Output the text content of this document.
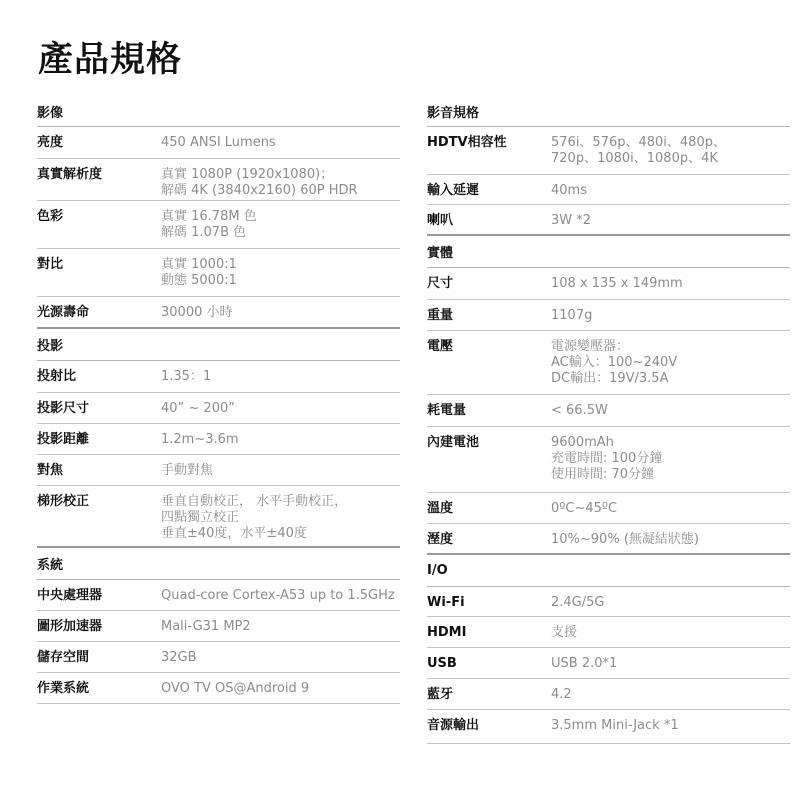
產品規格
影像
亮度	450 ANSI Lumens
真實解析度	真實 1080P (1920x1080)；
解碼 4K (3840x2160) 60P HDR
色彩	真實 16.78M 色
解碼 1.07B 色
對比	真實 1000:1
動態 5000:1
光源壽命	30000 小時
投影
投射比	1.35：1
投影尺寸	40” ~ 200”
投影距離	1.2m~3.6m
對焦	手動對焦
梯形校正	垂直自動校正， 水平手動校正，
四點獨立校正
垂直±40度，水平±40度
系統
中央處理器	Quad-core Cortex-A53 up to 1.5GHz
圖形加速器	Mali-G31 MP2
儲存空間	32GB
作業系統	OVO TV OS@Android 9
影音規格
HDTV相容性	576i、576p、480i、480p、
720p、1080i、1080p、4K
輸入延遲	40ms
喇叭	3W *2
實體
尺寸	108 x 135 x 149mm
重量	1107g
電壓	電源變壓器：
AC輸入：100~240V
DC輸出：19V/3.5A
耗電量	< 66.5W
內建電池	9600mAh
充電時間: 100分鐘
使用時間: 70分鐘
溫度	0ºC~45ºC
溼度	10%~90% (無凝結狀態)
I/O
Wi-Fi	2.4G/5G
HDMI	支援
USB	USB 2.0*1
藍牙	4.2
音源輸出	3.5mm Mini-Jack *1
